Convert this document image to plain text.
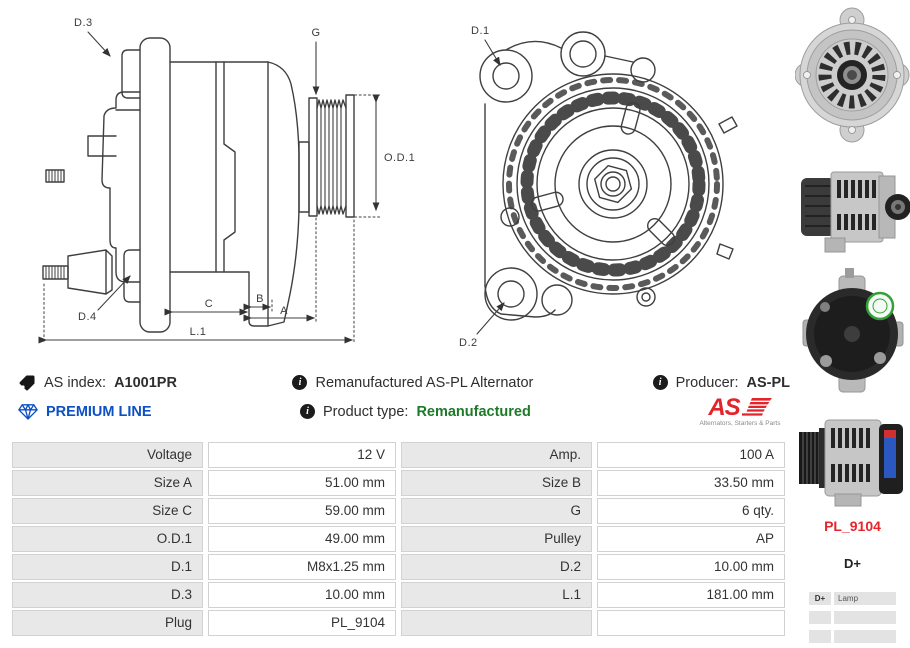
D.3
G
O.D.1
D.4
C	B
A
L.1
D.1
D.2
AS index: A1001PR	i Remanufactured AS-PL Alternator	i Producer: AS-PL
PREMIUM LINE	i Product type: Remanufactured	AS
Alternators, Starters & Parts
Voltage	12 V	Amp.	100 A
Size A	51.00 mm	Size B	33.50 mm
Size C	59.00 mm	G	6 qty.
O.D.1	49.00 mm	Pulley	AP
D.1	M8x1.25 mm	D.2	10.00 mm
D.3	10.00 mm	L.1	181.00 mm
Plug	PL_9104
PL_9104
D+
D+	Lamp
